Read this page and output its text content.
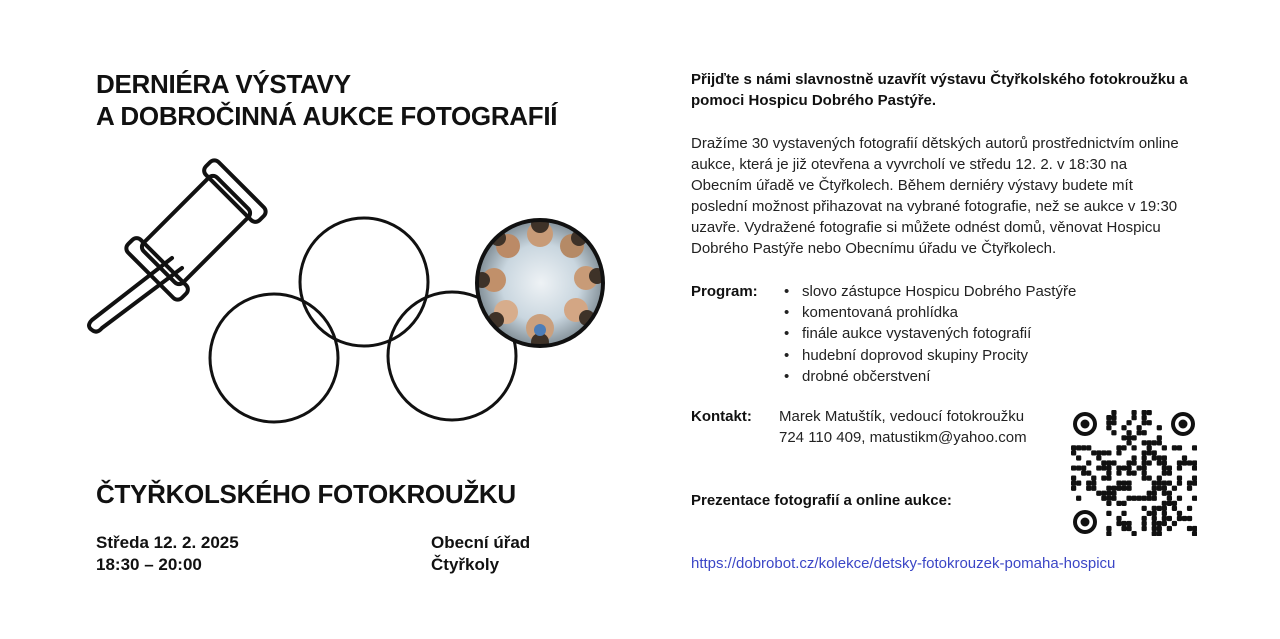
DERNIÉRA VÝSTAVY
A DOBROČINNÁ AUKCE FOTOGRAFIÍ
ČTYŘKOLSKÉHO FOTOKROUŽKU
Středa 12. 2. 2025
18:30 – 20:00
Obecní úřad
Čtyřkoly

Přijďte s námi slavnostně uzavřít výstavu Čtyřkolského fotokroužku a pomoci Hospicu Dobrého Pastýře.

Dražíme 30 vystavených fotografií dětských autorů prostřednictvím online aukce, která je již otevřena a vyvrcholí ve středu 12. 2. v 18:30 na Obecním úřadě ve Čtyřkolech. Během derniéry výstavy budete mít poslední možnost přihazovat na vybrané fotografie, než se aukce v 19:30 uzavře. Vydražené fotografie si můžete odnést domů, věnovat Hospicu Dobrého Pastýře nebo Obecnímu úřadu ve Čtyřkolech.

Program:
•	slovo zástupce Hospicu Dobrého Pastýře
• komentovaná prohlídka
• finále aukce vystavených fotografií
• hudební doprovod skupiny Procity
• drobné občerstvení
Kontakt: Marek Matuštík, vedoucí fotokroužku
724 110 409, matustikm@yahoo.com
Prezentace fotografií a online aukce:
https://dobrobot.cz/kolekce/detsky-fotokrouzek-pomaha-hospicu
